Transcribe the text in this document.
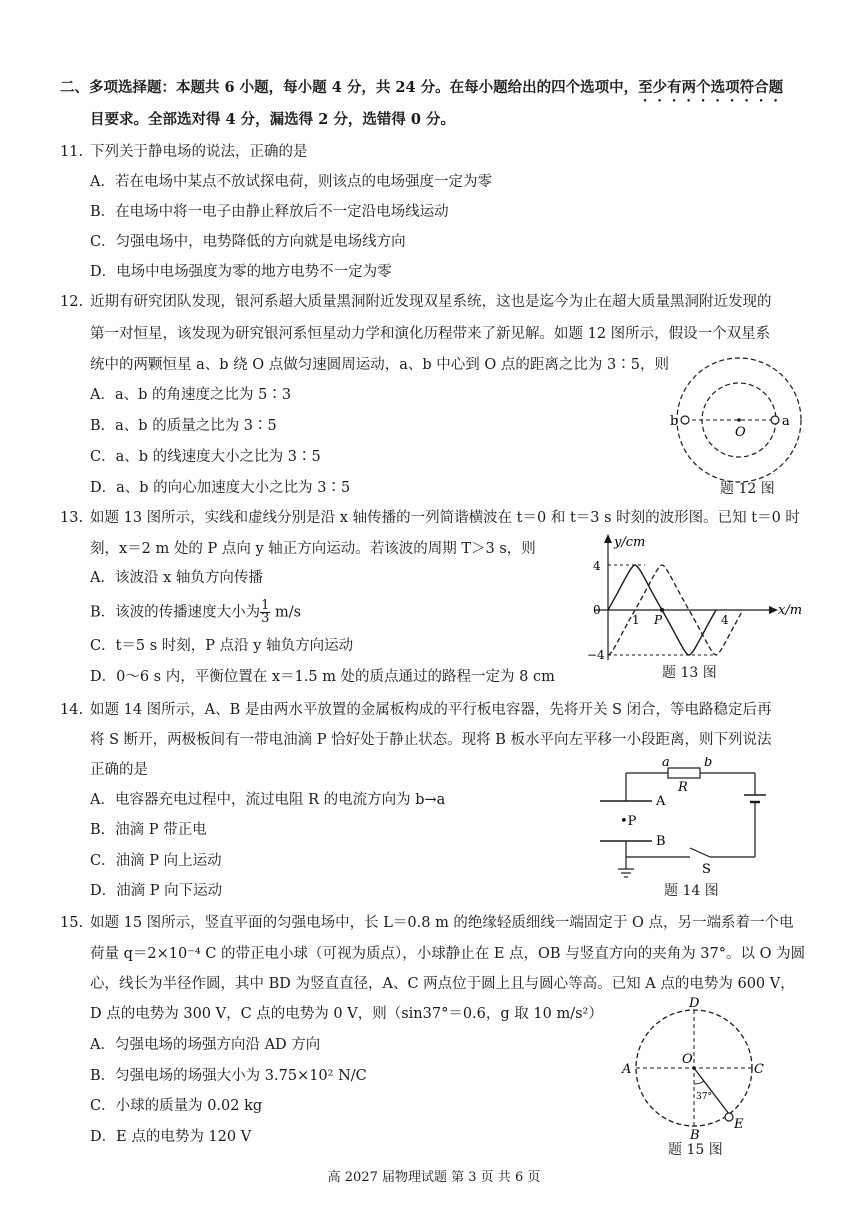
二、多项选择题：本题共 6 小题，每小题 4 分，共 24 分。在每小题给出的四个选项中，至少有两个选项符合题
目要求。全部选对得 4 分，漏选得 2 分，选错得 0 分。
11. 下列关于静电场的说法，正确的是
A．若在电场中某点不放试探电荷，则该点的电场强度一定为零
B．在电场中将一电子由静止释放后不一定沿电场线运动
C．匀强电场中，电势降低的方向就是电场线方向
D．电场中电场强度为零的地方电势不一定为零
12. 近期有研究团队发现，银河系超大质量黑洞附近发现双星系统，这也是迄今为止在超大质量黑洞附近发现的
第一对恒星，该发现为研究银河系恒星动力学和演化历程带来了新见解。如题 12 图所示，假设一个双星系
统中的两颗恒星 a、b 绕 O 点做匀速圆周运动，a、b 中心到 O 点的距离之比为 3∶5，则
A．a、b 的角速度之比为 5∶3
B．a、b 的质量之比为 3∶5
C．a、b 的线速度大小之比为 3∶5
D．a、b 的向心加速度大小之比为 3∶5
b	a
O
题 12 图
13. 如题 13 图所示，实线和虚线分别是沿 x 轴传播的一列简谐横波在 t＝0 和 t＝3 s 时刻的波形图。已知 t＝0 时
刻，x＝2 m 处的 P 点向 y 轴正方向运动。若该波的周期 T＞3 s，则
A．该波沿 x 轴负方向传播
B．该波的传播速度大小为 $\frac{1}{3} m/s$
C．t＝5 s 时刻，P 点沿 y 轴负方向运动
D．0～6 s 内，平衡位置在 x＝1.5 m 处的质点通过的路程一定为 8 cm
y/cm
x/m
4
0
−4
1 P	4
题 13 图
14. 如题 14 图所示，A、B 是由两水平放置的金属板构成的平行板电容器，先将开关 S 闭合，等电路稳定后再
将 S 断开，两极板间有一带电油滴 P 恰好处于静止状态。现将 B 板水平向左平移一小段距离，则下列说法
正确的是
A．电容器充电过程中，流过电阻 R 的电流方向为 b→a
B．油滴 P 带正电
C．油滴 P 向上运动
D．油滴 P 向下运动
a	b
R
A
B
•P
S
题 14 图
15. 如题 15 图所示，竖直平面的匀强电场中，长 L＝0.8 m 的绝缘轻质细线一端固定于 O 点，另一端系着一个电
荷量 q＝2×10⁻⁴ C 的带正电小球（可视为质点），小球静止在 E 点，OB 与竖直方向的夹角为 37°。以 O 为圆
心，线长为半径作圆，其中 BD 为竖直直径，A、C 两点位于圆上且与圆心等高。已知 A 点的电势为 600 V，
D 点的电势为 300 V，C 点的电势为 0 V，则（sin37°＝0.6，g 取 10 m/s²）
A．匀强电场的场强方向沿 AD 方向
B．匀强电场的场强大小为 3.75×10² N/C
C．小球的质量为 0.02 kg
D．E 点的电势为 120 V
D
A	C
O
B
E
37°
题 15 图
高 2027 届物理试题 第 3 页 共 6 页
